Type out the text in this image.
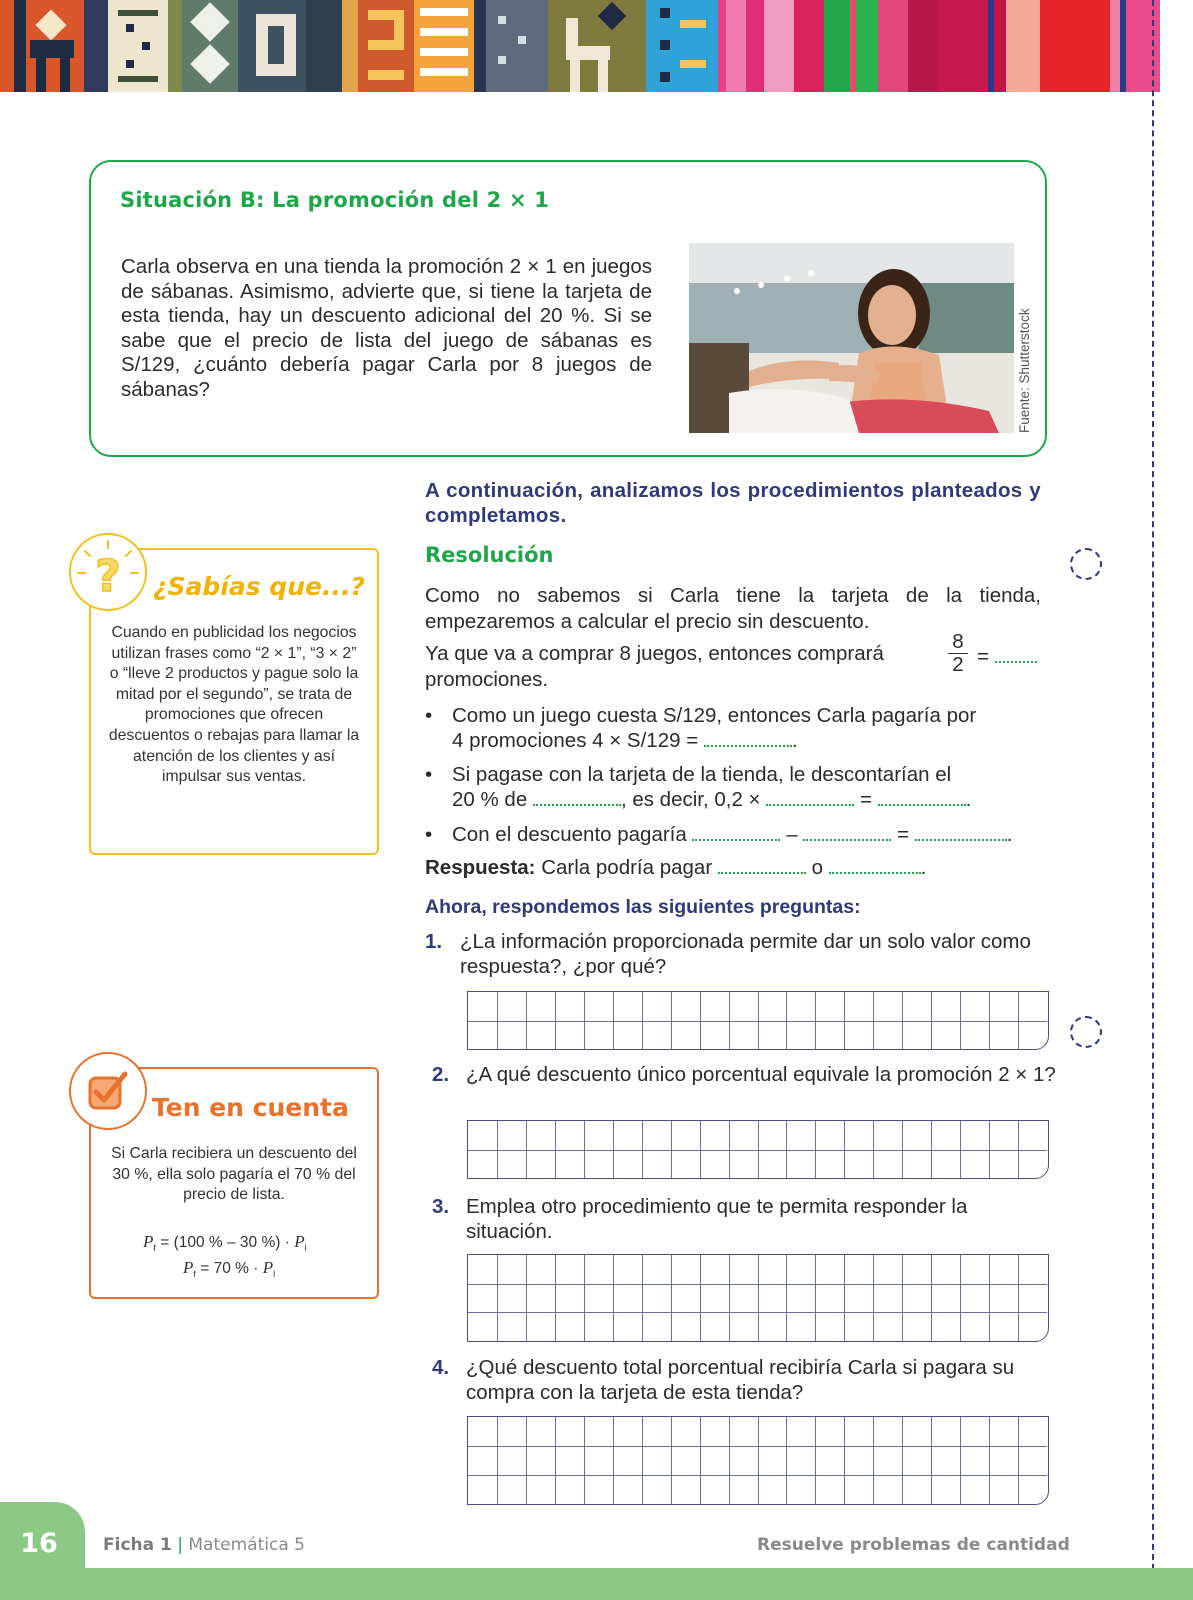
Situación B: La promoción del 2 × 1
Carla observa en una tienda la promoción 2 × 1 en juegos de sábanas. Asimismo, advierte que, si tiene la tarjeta de esta tienda, hay un descuento adicional del 20 %. Si se sabe que el precio de lista del juego de sábanas es S/129, ¿cuánto debería pagar Carla por 8 juegos de sábanas?	Fuente: Shutterstock
? ¿Sabías que...?
Cuando en publicidad los negocios utilizan frases como “2 × 1”, “3 × 2” o “lleve 2 productos y pague solo la mitad por el segundo”, se trata de promociones que ofrecen descuentos o rebajas para llamar la atención de los clientes y así impulsar sus ventas.
Ten en cuenta
Si Carla recibiera un descuento del 30 %, ella solo pagaría el 70 % del precio de lista.
$P_f = (100$ % – 30 %) · $P_l$
$P_f = 70$ % · $P_l$
A continuación, analizamos los procedimientos planteados y completamos.
Resolución
Como no sabemos si Carla tiene la tarjeta de la tienda, empezaremos a calcular el precio sin descuento.
Ya que va a comprar 8 juegos, entonces comprará	$\frac{8}{2}$ =
promociones.
• Como un juego cuesta S/129, entonces Carla pagaría por
4 promociones 4 × S/129 =	.
• Si pagase con la tarjeta de la tienda, le descontarían el
20 % de	, es decir, 0,2 ×	=	.
• Con el descuento pagaría	–	=	.
Respuesta: Carla podría pagar	o	.
Ahora, respondemos las siguientes preguntas:
1. ¿La información proporcionada permite dar un solo valor como respuesta?, ¿por qué?
2. ¿A qué descuento único porcentual equivale la promoción 2 × 1?
3. Emplea otro procedimiento que te permita responder la situación.
4. ¿Qué descuento total porcentual recibiría Carla si pagara su compra con la tarjeta de esta tienda?
16	Ficha 1 | Matemática 5	Resuelve problemas de cantidad
